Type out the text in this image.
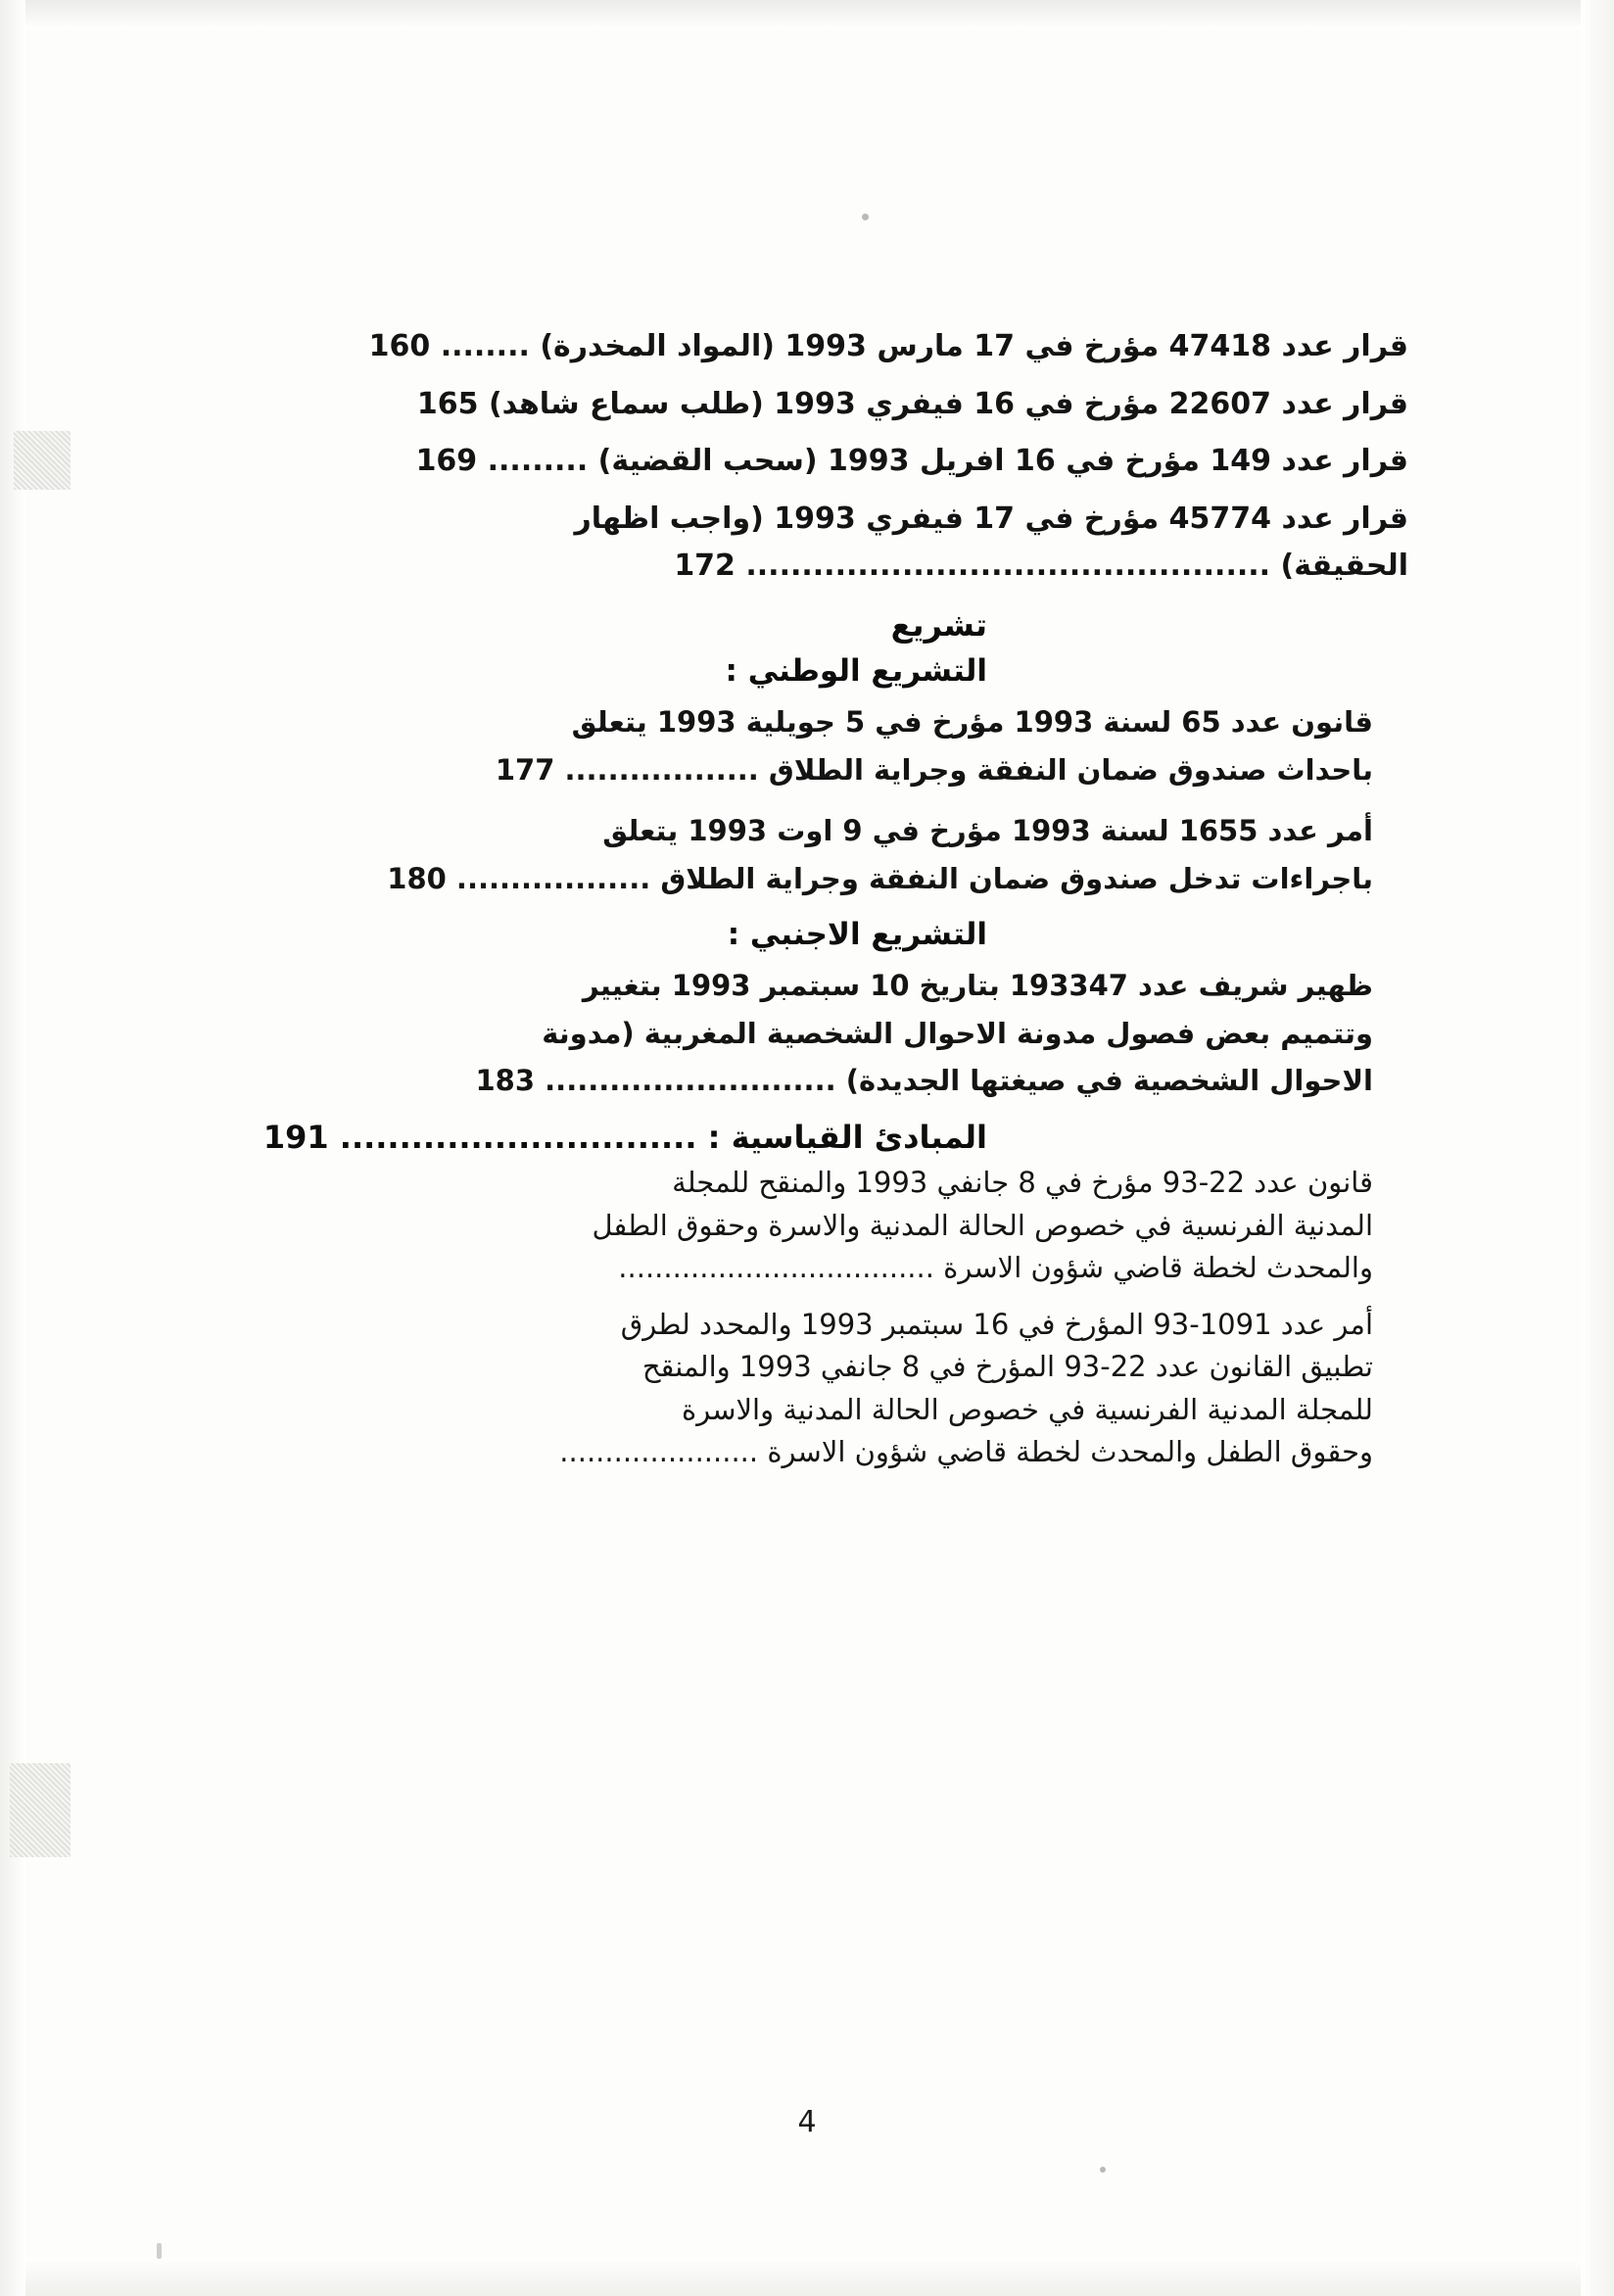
قرار عدد 47418 مؤرخ في 17 مارس 1993 (المواد المخدرة) ........ 160
قرار عدد 22607 مؤرخ في 16 فيفري 1993 (طلب سماع شاهد) 165
قرار عدد 149 مؤرخ في 16 افريل 1993 (سحب القضية) ......... 169
قرار عدد 45774 مؤرخ في 17 فيفري 1993 (واجب اظهار
الحقيقة) ............................................... 172
تشريع
التشريع الوطني :
قانون عدد 65 لسنة 1993 مؤرخ في 5 جويلية 1993 يتعلق
باحداث صندوق ضمان النفقة وجراية الطلاق .................. 177
أمر عدد 1655 لسنة 1993 مؤرخ في 9 اوت 1993 يتعلق
باجراءات تدخل صندوق ضمان النفقة وجراية الطلاق .................. 180
التشريع الاجنبي :
ظهير شريف عدد 193347 بتاريخ 10 سبتمبر 1993 بتغيير
وتتميم بعض فصول مدونة الاحوال الشخصية المغربية (مدونة
الاحوال الشخصية في صيغتها الجديدة) ........................... 183
المبادئ القياسية : .............................. 191
قانون عدد 22-93 مؤرخ في 8 جانفي 1993 والمنقح للمجلة
المدنية الفرنسية في خصوص الحالة المدنية والاسرة وحقوق الطفل
والمحدث لخطة قاضي شؤون الاسرة ...................................
أمر عدد 1091-93 المؤرخ في 16 سبتمبر 1993 والمحدد لطرق
تطبيق القانون عدد 22-93 المؤرخ في 8 جانفي 1993 والمنقح
للمجلة المدنية الفرنسية في خصوص الحالة المدنية والاسرة
وحقوق الطفل والمحدث لخطة قاضي شؤون الاسرة ......................
4
